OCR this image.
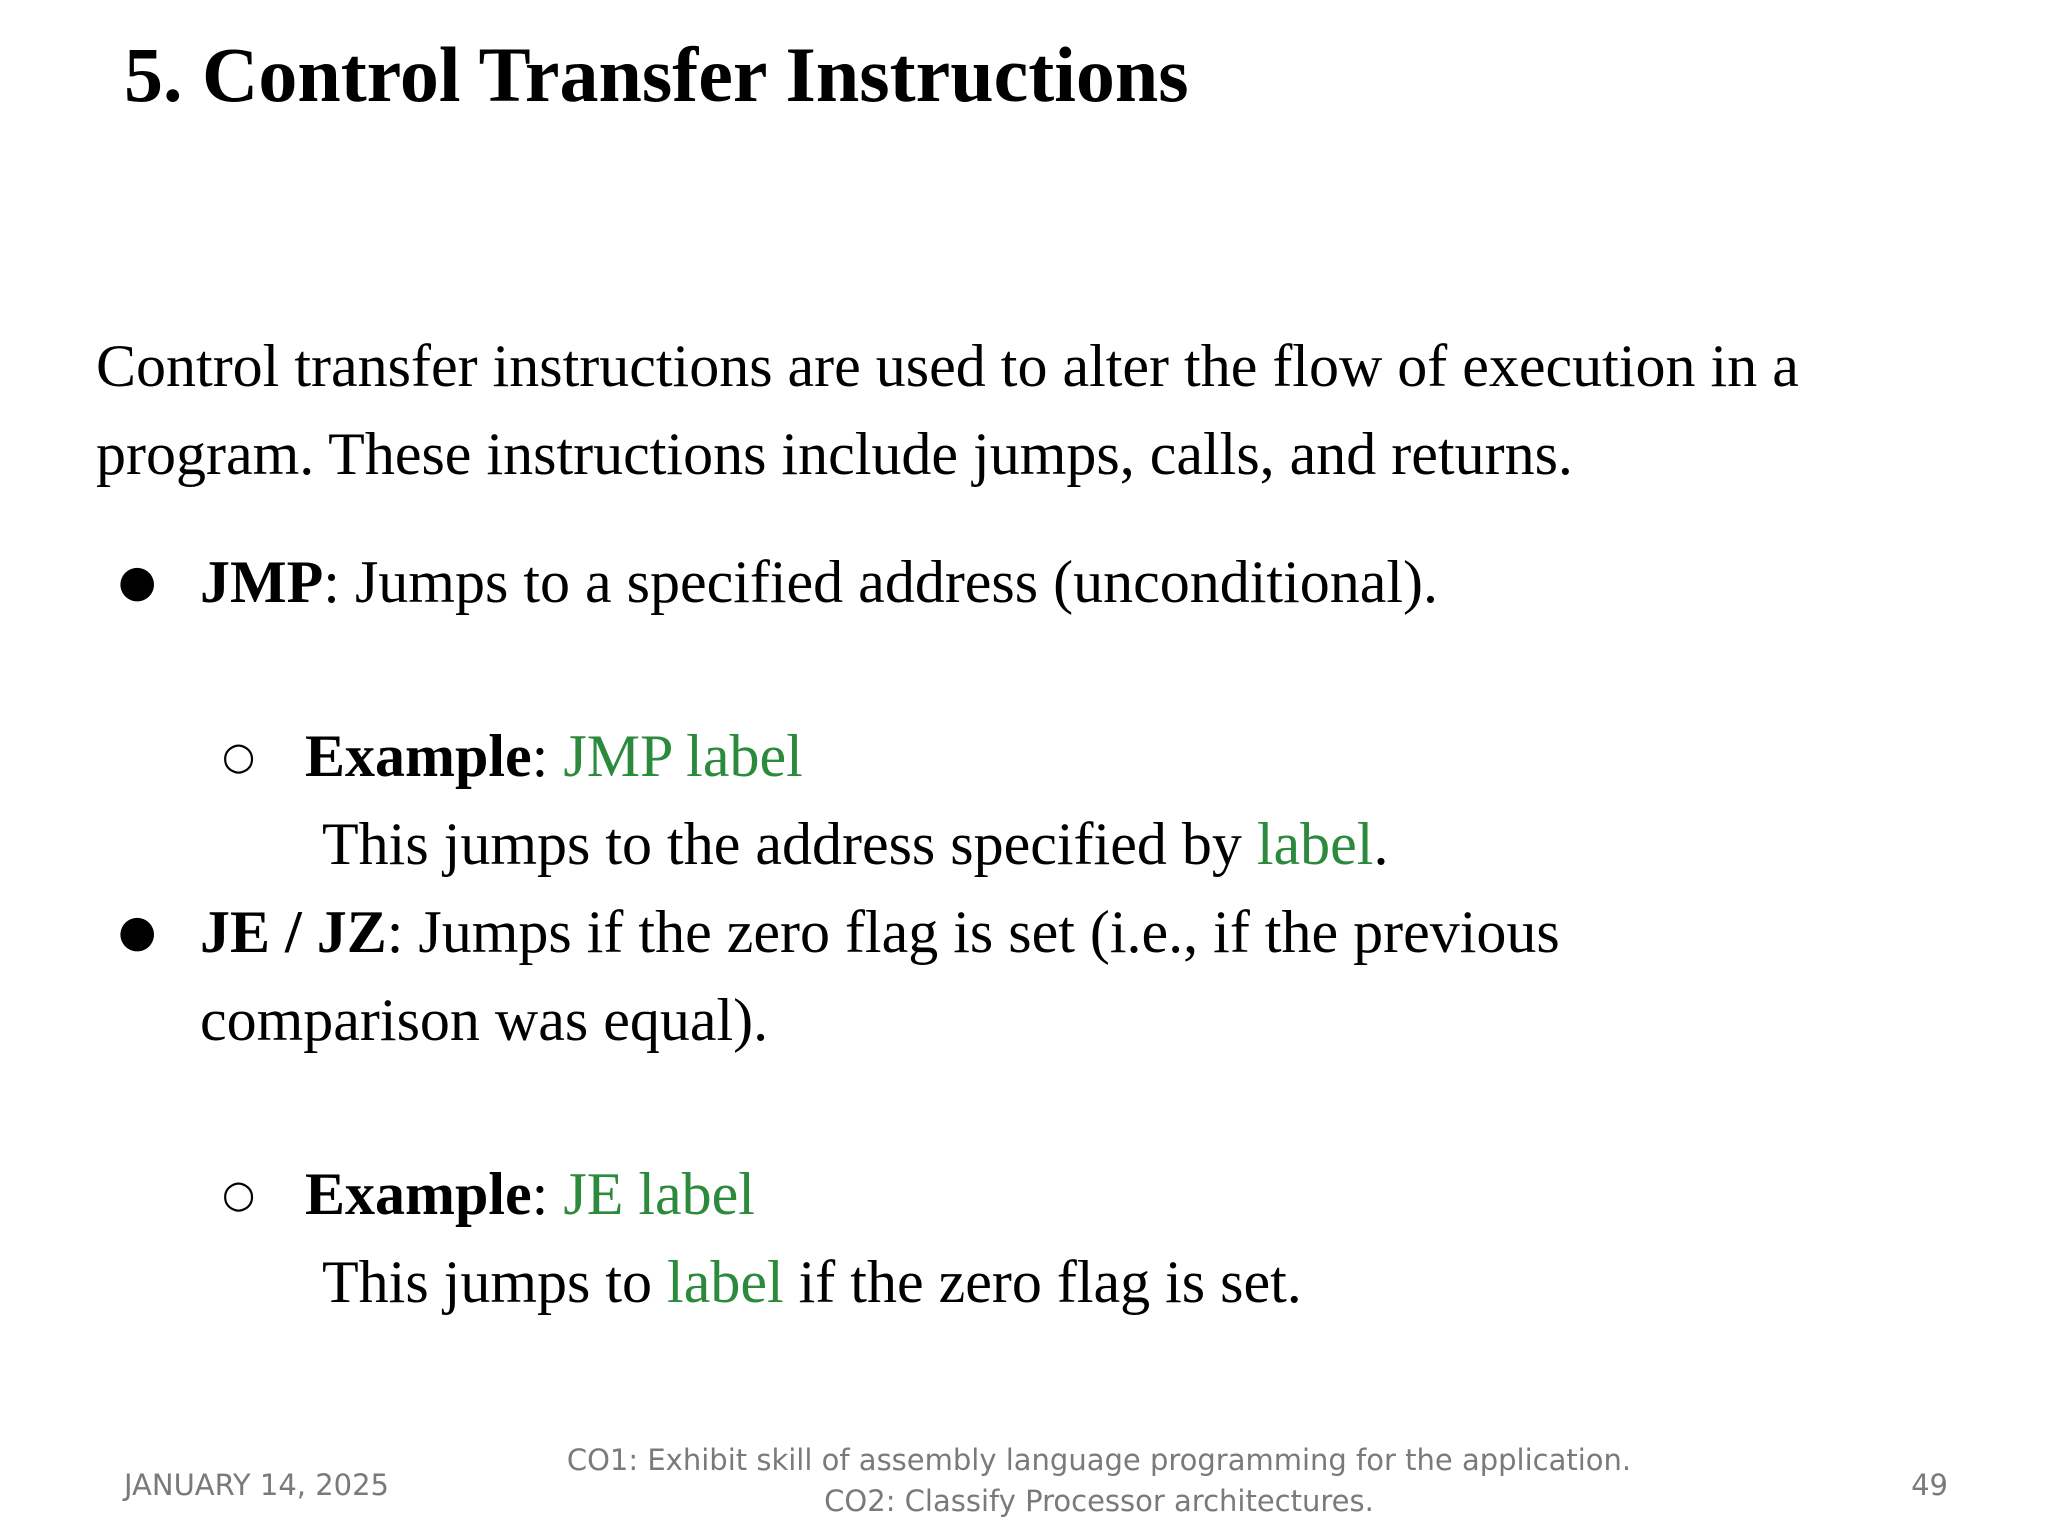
5. Control Transfer Instructions
Control transfer instructions are used to alter the flow of execution in a
program. These instructions include jumps, calls, and returns.
● JMP: Jumps to a specified address (unconditional).
○ Example: JMP label
This jumps to the address specified by label.
● JE / JZ: Jumps if the zero flag is set (i.e., if the previous
comparison was equal).
○ Example: JE label
This jumps to label if the zero flag is set.
JANUARY 14, 2025
CO1: Exhibit skill of assembly language programming for the application.
CO2: Classify Processor architectures.	49
